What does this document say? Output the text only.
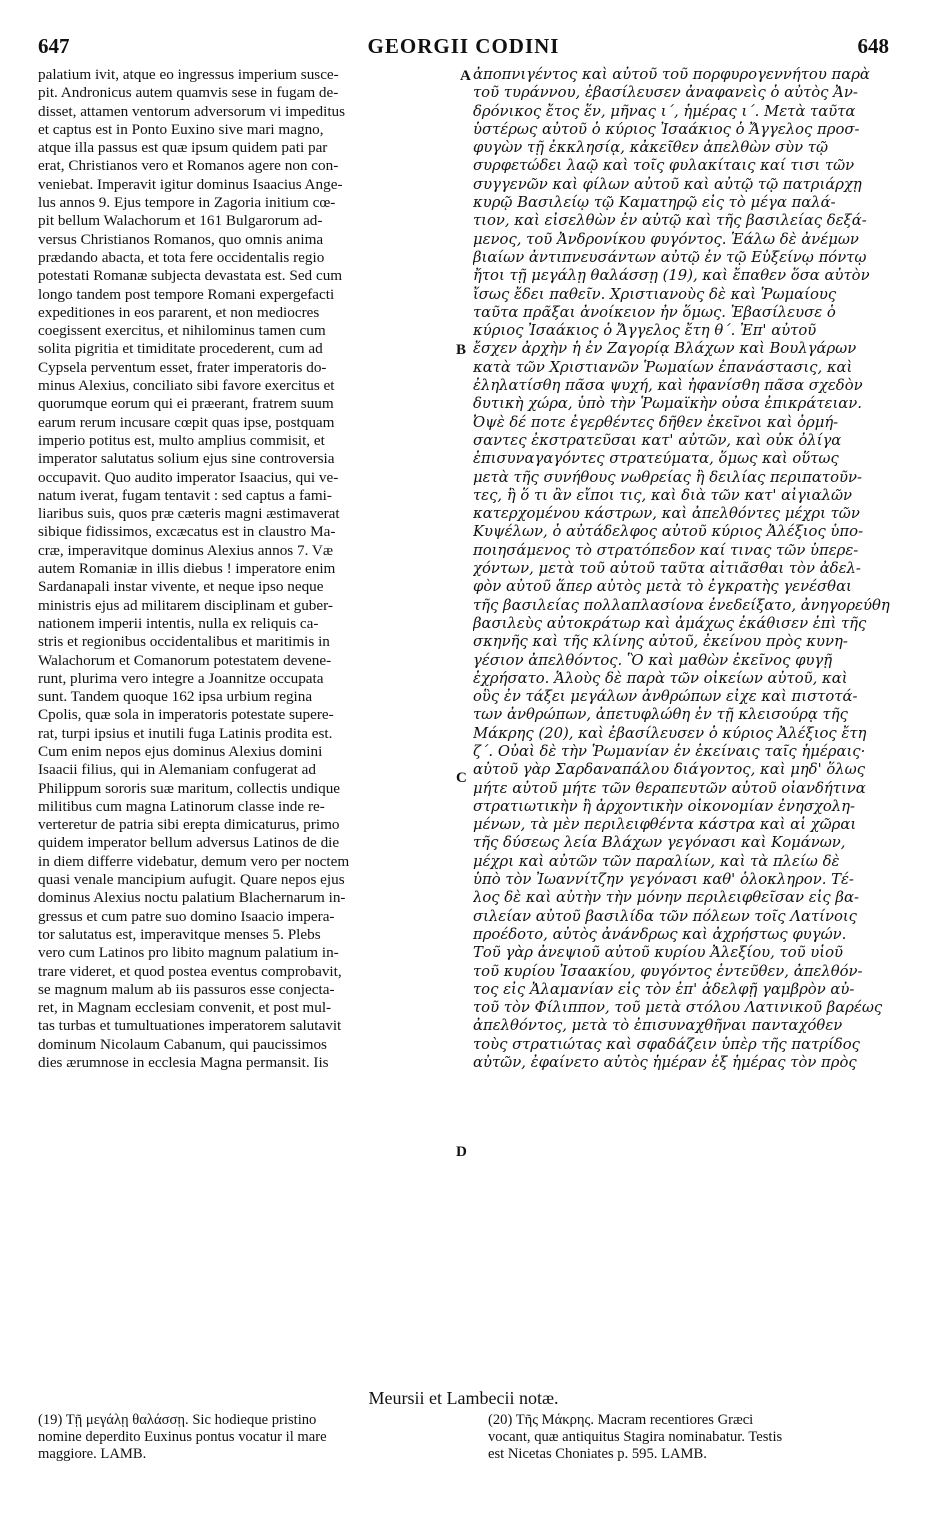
647	GEORGII CODINI	648
palatium ivit, atque eo ingressus imperium susce-
pit. Andronicus autem quamvis sese in fugam de-
disset, attamen ventorum adversorum vi impeditus
et captus est in Ponto Euxino sive mari magno,
atque illa passus est quæ ipsum quidem pati par
erat, Christianos vero et Romanos agere non con-
veniebat. Imperavit igitur dominus Isaacius Ange-
lus annos 9. Ejus tempore in Zagoria initium cœ-
pit bellum Walachorum et 161 Bulgarorum ad-
versus Christianos Romanos, quo omnis anima
prædando abacta, et tota fere occidentalis regio
potestati Romanæ subjecta devastata est. Sed cum
longo tandem post tempore Romani expergefacti
expeditiones in eos pararent, et non mediocres
coegissent exercitus, et nihilominus tamen cum
solita pigritia et timiditate procederent, cum ad
Cypsela perventum esset, frater imperatoris do-
minus Alexius, conciliato sibi favore exercitus et
quorumque eorum qui ei præerant, fratrem suum
earum rerum incusare cœpit quas ipse, postquam
imperio potitus est, multo amplius commisit, et
imperator salutatus solium ejus sine controversia
occupavit. Quo audito imperator Isaacius, qui ve-
natum iverat, fugam tentavit : sed captus a fami-
liaribus suis, quos præ cæteris magni æstimaverat
sibique fidissimos, excæcatus est in claustro Ma-
cræ, imperavitque dominus Alexius annos 7. Væ
autem Romaniæ in illis diebus ! imperatore enim
Sardanapali instar vivente, et neque ipso neque
ministris ejus ad militarem disciplinam et guber-
nationem imperii intentis, nulla ex reliquis ca-
stris et regionibus occidentalibus et maritimis in
Walachorum et Comanorum potestatem devene-
runt, plurima vero integre a Joannitze occupata
sunt. Tandem quoque 162 ipsa urbium regina
Cpolis, quæ sola in imperatoris potestate supere-
rat, turpi ipsius et inutili fuga Latinis prodita est.
Cum enim nepos ejus dominus Alexius domini
Isaacii filius, qui in Alemaniam confugerat ad
Philippum sororis suæ maritum, collectis undique
militibus cum magna Latinorum classe inde re-
verteretur de patria sibi erepta dimicaturus, primo
quidem imperator bellum adversus Latinos de die
in diem differre videbatur, demum vero per noctem
quasi venale mancipium aufugit. Quare nepos ejus
dominus Alexius noctu palatium Blachernarum in-
gressus et cum patre suo domino Isaacio impera-
tor salutatus est, imperavitque menses 5. Plebs
vero cum Latinos pro libito magnum palatium in-
trare videret, et quod postea eventus comprobavit,
se magnum malum ab iis passuros esse conjecta-
ret, in Magnam ecclesiam convenit, et post mul-
tas turbas et tumultuationes imperatorem salutavit
dominum Nicolaum Cabanum, qui paucissimos
dies ærumnose in ecclesia Magna permansit. Iis
ἀποπνιγέντος καὶ αὐτοῦ τοῦ πορφυρογεννήτου παρὰ
τοῦ τυράννου, ἐβασίλευσεν ἀναφανεὶς ὁ αὐτὸς Ἀν-
δρόνικος ἔτος ἕν, μῆνας ι΄, ἡμέρας ι΄. Μετὰ ταῦτα
ὑστέρως αὐτοῦ ὁ κύριος Ἰσαάκιος ὁ Ἄγγελος προσ-
φυγὼν τῇ ἐκκλησίᾳ, κἀκεῖθεν ἀπελθὼν σὺν τῷ
συρφετώδει λαῷ καὶ τοῖς φυλακίταις καί τισι τῶν
συγγενῶν καὶ φίλων αὐτοῦ καὶ αὐτῷ τῷ πατριάρχῃ
κυρῷ Βασιλείῳ τῷ Καματηρῷ εἰς τὸ μέγα παλά-
τιον, καὶ εἰσελθὼν ἐν αὐτῷ καὶ τῆς βασιλείας δεξά-
μενος, τοῦ Ἀνδρονίκου φυγόντος. Ἑάλω δὲ ἀνέμων
βιαίων ἀντιπνευσάντων αὐτῷ ἐν τῷ Εὐξείνῳ πόντῳ
ἤτοι τῇ μεγάλῃ θαλάσσῃ (19), καὶ ἔπαθεν ὅσα αὐτὸν
ἴσως ἔδει παθεῖν. Χριστιανοὺς δὲ καὶ Ῥωμαίους
ταῦτα πρᾶξαι ἀνοίκειον ἦν ὅμως. Ἐβασίλευσε ὁ
κύριος Ἰσαάκιος ὁ Ἄγγελος ἔτη θ΄. Ἐπ' αὐτοῦ
ἔσχεν ἀρχὴν ἡ ἐν Ζαγορίᾳ Βλάχων καὶ Βουλγάρων
κατὰ τῶν Χριστιανῶν Ῥωμαίων ἐπανάστασις, καὶ
ἐληλατίσθη πᾶσα ψυχή, καὶ ἠφανίσθη πᾶσα σχεδὸν
δυτικὴ χώρα, ὑπὸ τὴν Ῥωμαϊκὴν οὖσα ἐπικράτειαν.
Ὀψὲ δέ ποτε ἐγερθέντες δῆθεν ἐκεῖνοι καὶ ὁρμή-
σαντες ἐκστρατεῦσαι κατ' αὐτῶν, καὶ οὐκ ὀλίγα
ἐπισυναγαγόντες στρατεύματα, ὅμως καὶ οὕτως
μετὰ τῆς συνήθους νωθρείας ἢ δειλίας περιπατοῦν-
τες, ἢ ὅ τι ἂν εἴποι τις, καὶ διὰ τῶν κατ' αἰγιαλῶν
κατερχομένου κάστρων, καὶ ἀπελθόντες μέχρι τῶν
Κυψέλων, ὁ αὐτάδελφος αὐτοῦ κύριος Ἀλέξιος ὑπο-
ποιησάμενος τὸ στρατόπεδον καί τινας τῶν ὑπερε-
χόντων, μετὰ τοῦ αὐτοῦ ταῦτα αἰτιᾶσθαι τὸν ἀδελ-
φὸν αὐτοῦ ἅπερ αὐτὸς μετὰ τὸ ἐγκρατὴς γενέσθαι
τῆς βασιλείας πολλαπλασίονα ἐνεδείξατο, ἀνηγορεύθη
βασιλεὺς αὐτοκράτωρ καὶ ἀμάχως ἐκάθισεν ἐπὶ τῆς
σκηνῆς καὶ τῆς κλίνης αὐτοῦ, ἐκείνου πρὸς κυνη-
γέσιον ἀπελθόντος. Ὃ καὶ μαθὼν ἐκεῖνος φυγῇ
ἐχρήσατο. Ἁλοὺς δὲ παρὰ τῶν οἰκείων αὐτοῦ, καὶ
οὓς ἐν τάξει μεγάλων ἀνθρώπων εἶχε καὶ πιστοτά-
των ἀνθρώπων, ἀπετυφλώθη ἐν τῇ κλεισούρᾳ τῆς
Μάκρης (20), καὶ ἐβασίλευσεν ὁ κύριος Ἀλέξιος ἔτη
ζ΄. Οὐαὶ δὲ τὴν Ῥωμανίαν ἐν ἐκείναις ταῖς ἡμέραις·
αὐτοῦ γὰρ Σαρδαναπάλου διάγοντος, καὶ μηδ' ὅλως
μήτε αὐτοῦ μήτε τῶν θεραπευτῶν αὐτοῦ οἰανδήτινα
στρατιωτικὴν ἢ ἀρχοντικὴν οἰκονομίαν ἐνησχολη-
μένων, τὰ μὲν περιλειφθέντα κάστρα καὶ αἱ χῶραι
τῆς δύσεως λεία Βλάχων γεγόνασι καὶ Κομάνων,
μέχρι καὶ αὐτῶν τῶν παραλίων, καὶ τὰ πλείω δὲ
ὑπὸ τὸν Ἰωαννίτζην γεγόνασι καθ' ὁλοκληρον. Τέ-
λος δὲ καὶ αὐτὴν τὴν μόνην περιλειφθεῖσαν εἰς βα-
σιλείαν αὐτοῦ βασιλίδα τῶν πόλεων τοῖς Λατίνοις
προέδοτο, αὐτὸς ἀνάνδρως καὶ ἀχρήστως φυγών.
Τοῦ γὰρ ἀνεψιοῦ αὐτοῦ κυρίου Ἀλεξίου, τοῦ υἱοῦ
τοῦ κυρίου Ἰσαακίου, φυγόντος ἐντεῦθεν, ἀπελθόν-
τος εἰς Ἀλαμανίαν εἰς τὸν ἐπ' ἀδελφῇ γαμβρὸν αὐ-
τοῦ τὸν Φίλιππον, τοῦ μετὰ στόλου Λατινικοῦ βαρέως
ἀπελθόντος, μετὰ τὸ ἐπισυναχθῆναι πανταχόθεν
τοὺς στρατιώτας καὶ σφαδάζειν ὑπὲρ τῆς πατρίδος
αὐτῶν, ἐφαίνετο αὐτὸς ἡμέραν ἐξ ἡμέρας τὸν πρὸς
A
B
C
D
Meursii et Lambecii notæ.
(19) Τῇ μεγάλῃ θαλάσσῃ. Sic hodieque pristino
nomine deperdito Euxinus pontus vocatur il mare
maggiore. LAMB.
(20) Τῆς Μάκρης. Macram recentiores Græci
vocant, quæ antiquitus Stagira nominabatur. Testis
est Nicetas Choniates p. 595. LAMB.
